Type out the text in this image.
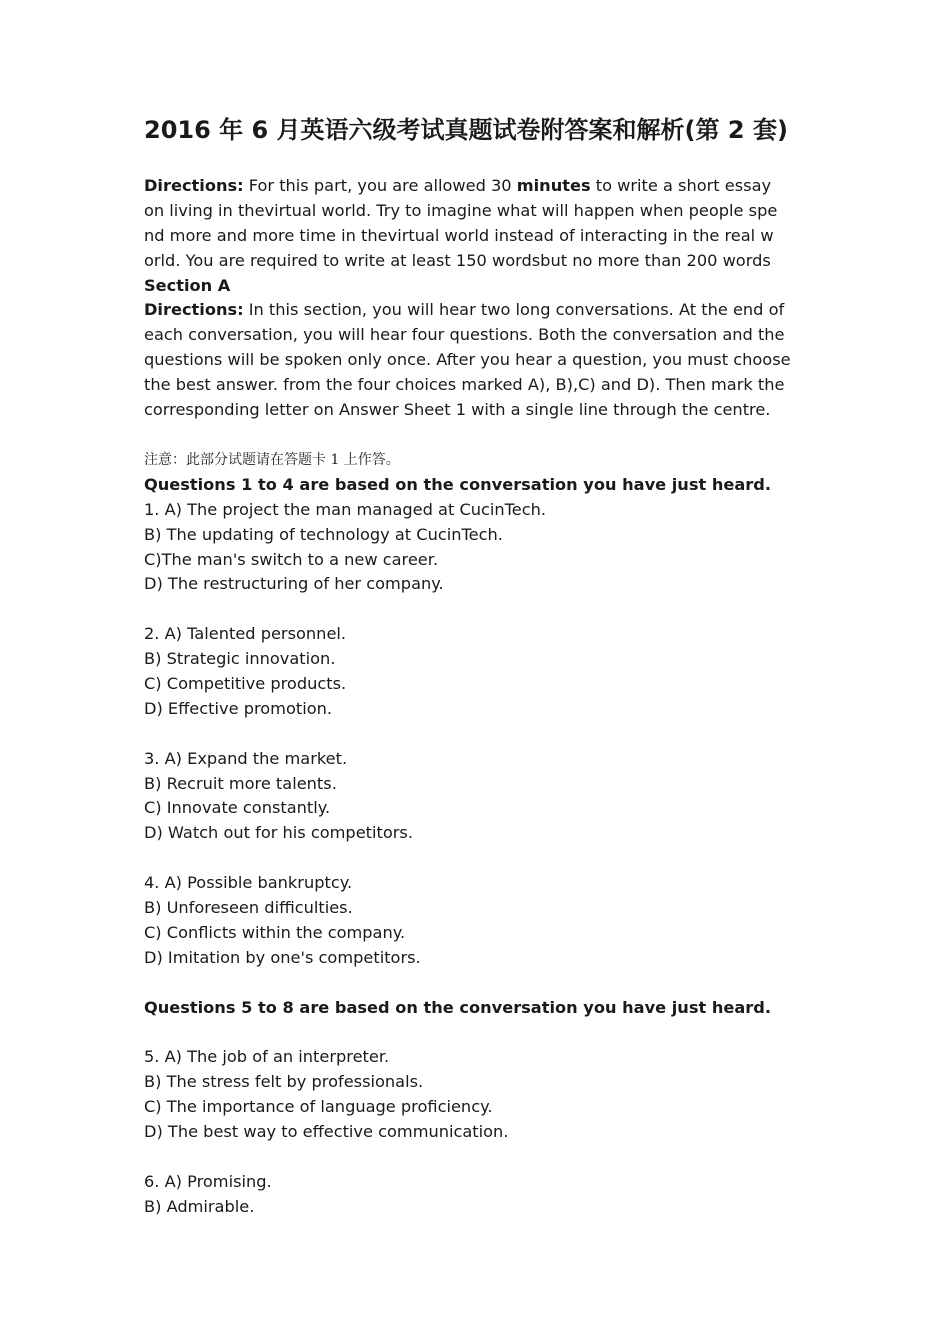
2016 年 6 月英语六级考试真题试卷附答案和解析(第 2 套)
Directions: For this part, you are allowed 30 minutes to write a short essay
on living in thevirtual world. Try to imagine what will happen when people spe
nd more and more time in thevirtual world instead of interacting in the real w
orld. You are required to write at least 150 wordsbut no more than 200 words
Section A
Directions: In this section, you will hear two long conversations. At the end of
each conversation, you will hear four questions. Both the conversation and the
questions will be spoken only once. After you hear a question, you must choose
the best answer. from the four choices marked A), B),C) and D). Then mark the
corresponding letter on Answer Sheet 1 with a single line through the centre.
注意：此部分试题请在答题卡 1 上作答。
Questions 1 to 4 are based on the conversation you have just heard.
1. A) The project the man managed at CucinTech.
B) The updating of technology at CucinTech.
C)The man's switch to a new career.
D) The restructuring of her company.
2. A) Talented personnel.
B) Strategic innovation.
C) Competitive products.
D) Effective promotion.
3. A) Expand the market.
B) Recruit more talents.
C) Innovate constantly.
D) Watch out for his competitors.
4. A) Possible bankruptcy.
B) Unforeseen difficulties.
C) Conflicts within the company.
D) Imitation by one's competitors.
Questions 5 to 8 are based on the conversation you have just heard.
5. A) The job of an interpreter.
B) The stress felt by professionals.
C) The importance of language proficiency.
D) The best way to effective communication.
6. A) Promising.
B) Admirable.
